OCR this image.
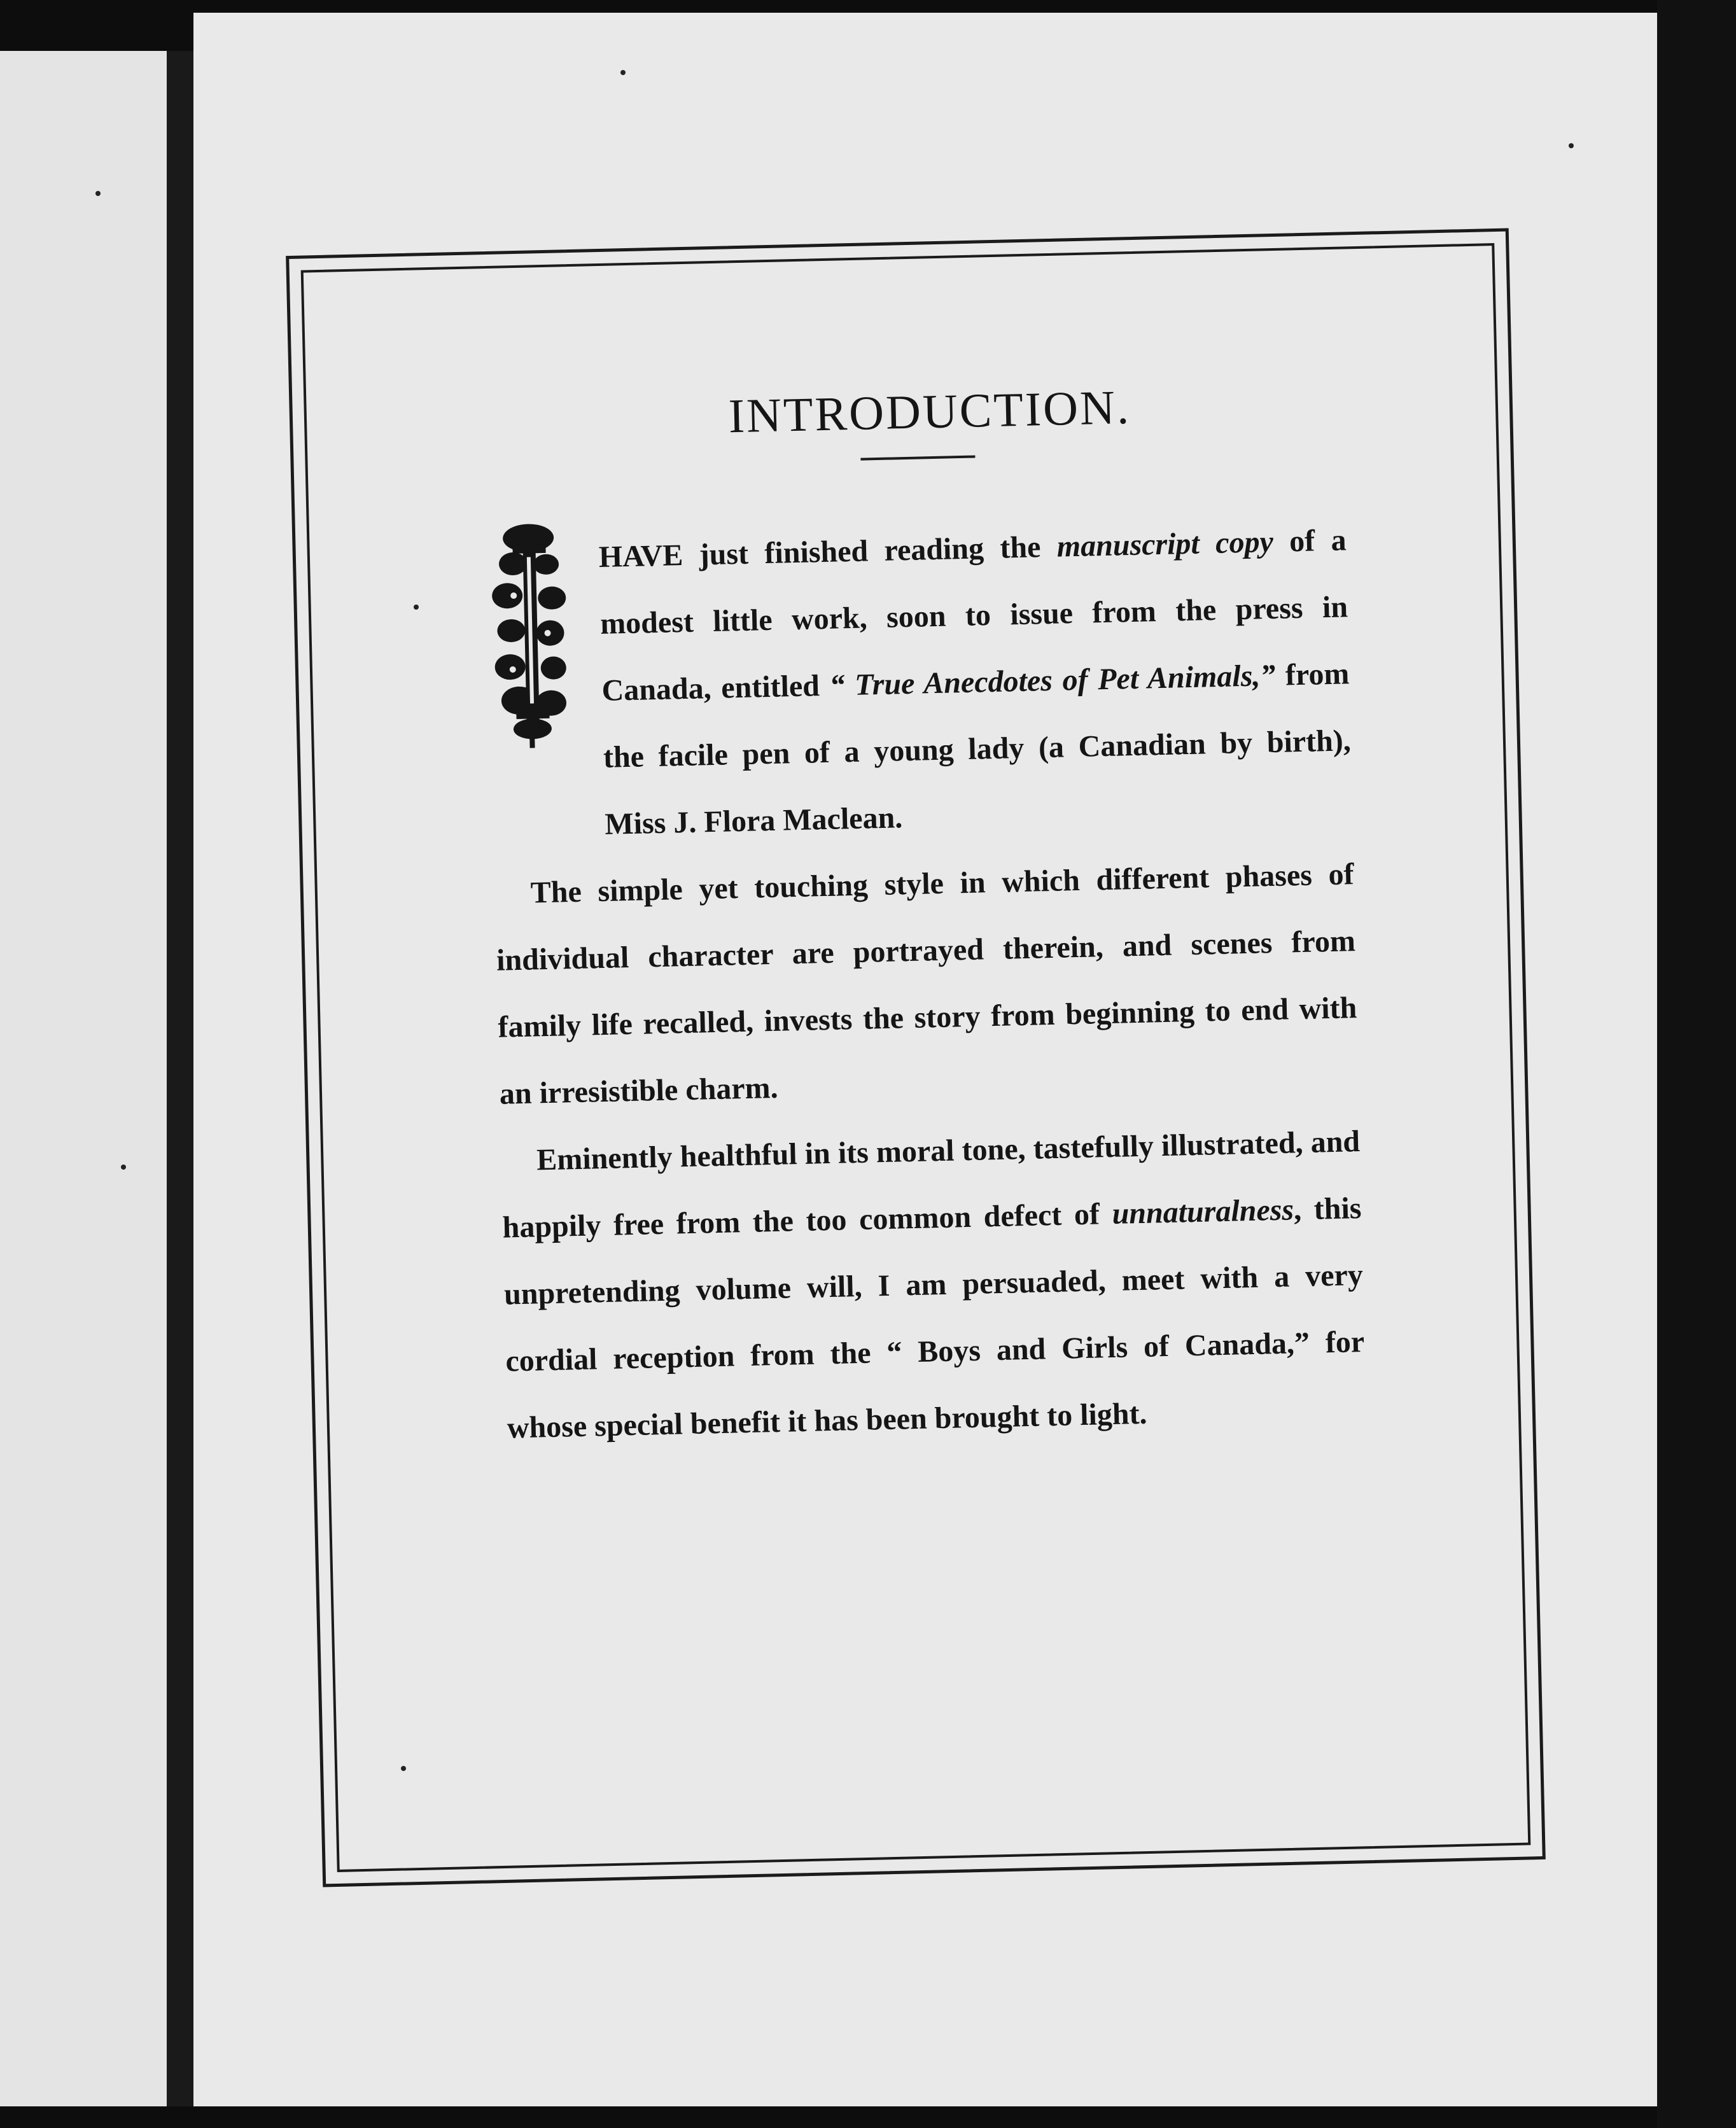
INTRODUCTION.

HAVE just finished reading the manuscript copy of a modest little work, soon to issue from the press in Canada, entitled “ True Anecdotes of Pet Animals,” from the facile pen of a young lady (a Canadian by birth), Miss J. Flora Maclean.

The simple yet touching style in which different phases of individual character are portrayed therein, and scenes from family life recalled, invests the story from beginning to end with an irresistible charm.

Eminently healthful in its moral tone, tastefully illustrated, and happily free from the too common defect of unnaturalness, this unpretending volume will, I am persuaded, meet with a very cordial reception from the “ Boys and Girls of Canada,” for whose special benefit it has been brought to light.
